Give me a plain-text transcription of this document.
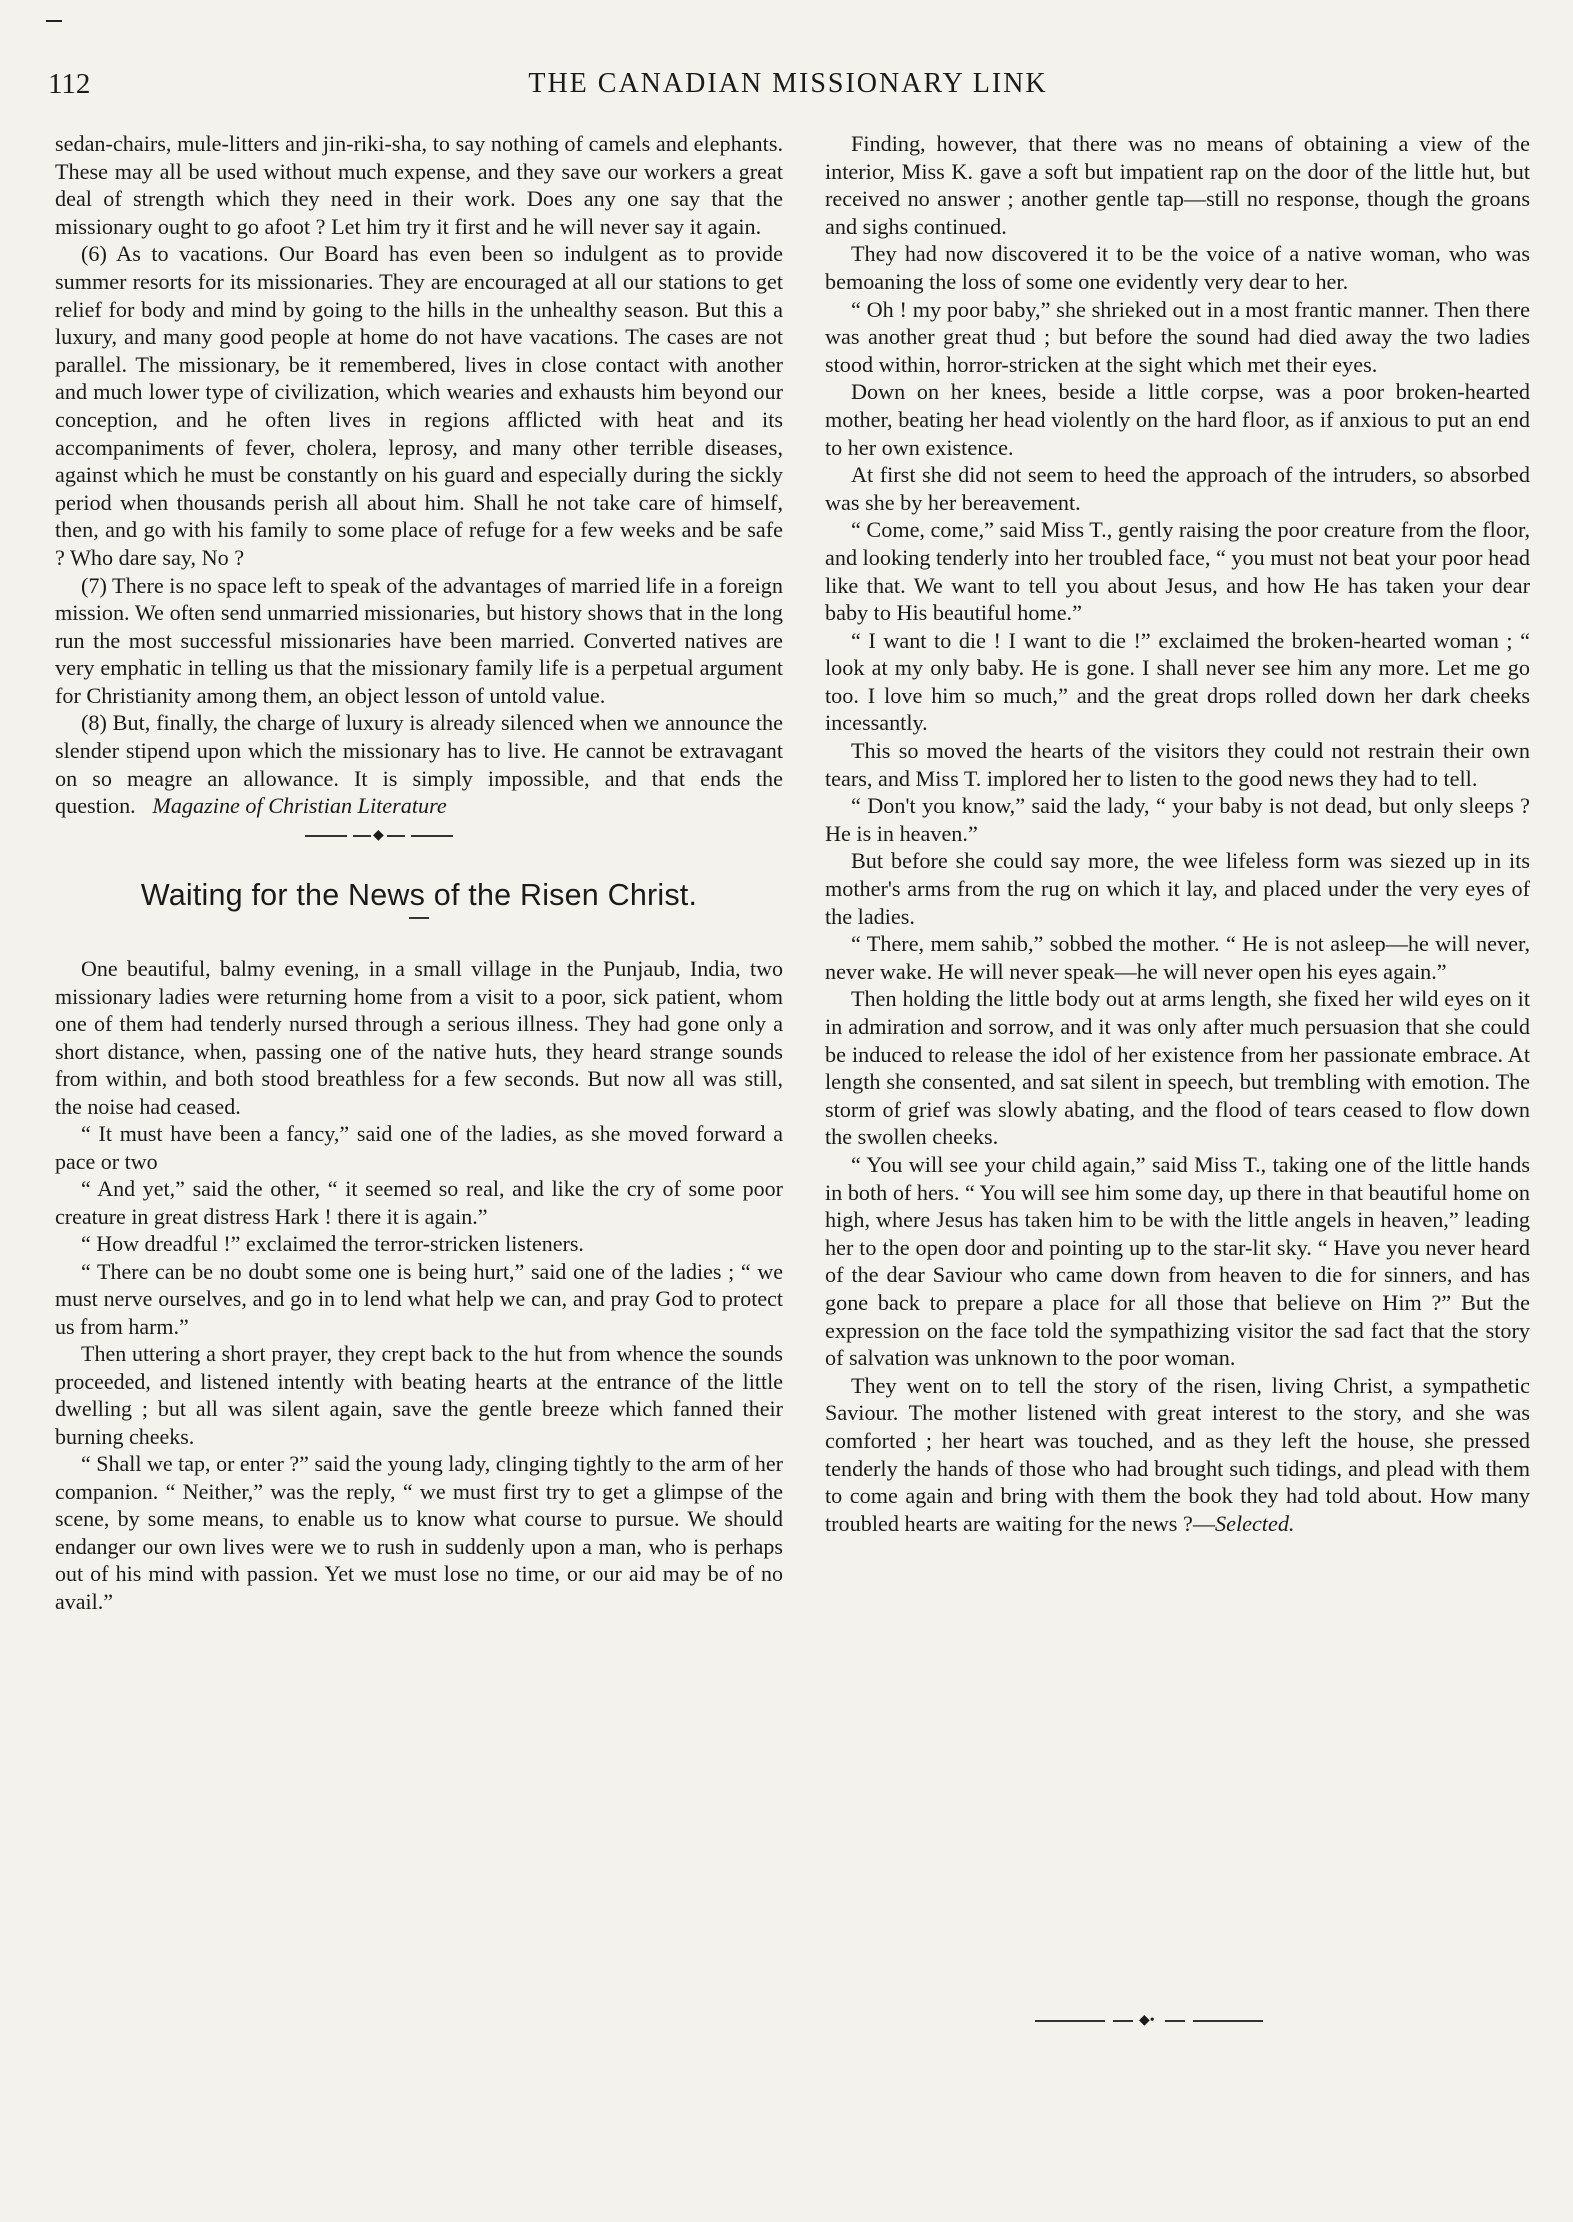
112	THE CANADIAN MISSIONARY LINK

sedan-chairs, mule-litters and jin-riki-sha, to say nothing of camels and elephants. These may all be used without much expense, and they save our workers a great deal of strength which they need in their work. Does any one say that the missionary ought to go afoot ? Let him try it first and he will never say it again.

(6) As to vacations. Our Board has even been so indulgent as to provide summer resorts for its missionaries. They are encouraged at all our stations to get relief for body and mind by going to the hills in the unhealthy season. But this a luxury, and many good people at home do not have vacations. The cases are not parallel. The missionary, be it remembered, lives in close contact with another and much lower type of civilization, which wearies and exhausts him beyond our conception, and he often lives in regions afflicted with heat and its accompaniments of fever, cholera, leprosy, and many other terrible diseases, against which he must be constantly on his guard and especially during the sickly period when thousands perish all about him. Shall he not take care of himself, then, and go with his family to some place of refuge for a few weeks and be safe ? Who dare say, No ?

(7) There is no space left to speak of the advantages of married life in a foreign mission. We often send unmarried missionaries, but history shows that in the long run the most successful missionaries have been married. Converted natives are very emphatic in telling us that the missionary family life is a perpetual argument for Christianity among them, an object lesson of untold value.

(8) But, finally, the charge of luxury is already silenced when we announce the slender stipend upon which the missionary has to live. He cannot be extravagant on so meagre an allowance. It is simply impossible, and that ends the question. Magazine of Christian Literature

◆
Waiting for the News of the Risen Christ.

One beautiful, balmy evening, in a small village in the Punjaub, India, two missionary ladies were returning home from a visit to a poor, sick patient, whom one of them had tenderly nursed through a serious illness. They had gone only a short distance, when, passing one of the native huts, they heard strange sounds from within, and both stood breathless for a few seconds. But now all was still, the noise had ceased.

“ It must have been a fancy,” said one of the ladies, as she moved forward a pace or two

“ And yet,” said the other, “ it seemed so real, and like the cry of some poor creature in great distress Hark ! there it is again.”

“ How dreadful !” exclaimed the terror-stricken listeners.

“ There can be no doubt some one is being hurt,” said one of the ladies ; “ we must nerve ourselves, and go in to lend what help we can, and pray God to protect us from harm.”

Then uttering a short prayer, they crept back to the hut from whence the sounds proceeded, and listened intently with beating hearts at the entrance of the little dwelling ; but all was silent again, save the gentle breeze which fanned their burning cheeks.

“ Shall we tap, or enter ?” said the young lady, clinging tightly to the arm of her companion. “ Neither,” was the reply, “ we must first try to get a glimpse of the scene, by some means, to enable us to know what course to pursue. We should endanger our own lives were we to rush in suddenly upon a man, who is perhaps out of his mind with passion. Yet we must lose no time, or our aid may be of no avail.”

Finding, however, that there was no means of obtaining a view of the interior, Miss K. gave a soft but impatient rap on the door of the little hut, but received no answer ; another gentle tap—still no response, though the groans and sighs continued.

They had now discovered it to be the voice of a native woman, who was bemoaning the loss of some one evidently very dear to her.

“ Oh ! my poor baby,” she shrieked out in a most frantic manner. Then there was another great thud ; but before the sound had died away the two ladies stood within, horror-stricken at the sight which met their eyes.

Down on her knees, beside a little corpse, was a poor broken-hearted mother, beating her head violently on the hard floor, as if anxious to put an end to her own existence.

At first she did not seem to heed the approach of the intruders, so absorbed was she by her bereavement.

“ Come, come,” said Miss T., gently raising the poor creature from the floor, and looking tenderly into her troubled face, “ you must not beat your poor head like that. We want to tell you about Jesus, and how He has taken your dear baby to His beautiful home.”

“ I want to die ! I want to die !” exclaimed the broken-hearted woman ; “ look at my only baby. He is gone. I shall never see him any more. Let me go too. I love him so much,” and the great drops rolled down her dark cheeks incessantly.

This so moved the hearts of the visitors they could not restrain their own tears, and Miss T. implored her to listen to the good news they had to tell.

“ Don't you know,” said the lady, “ your baby is not dead, but only sleeps ? He is in heaven.”

But before she could say more, the wee lifeless form was siezed up in its mother's arms from the rug on which it lay, and placed under the very eyes of the ladies.

“ There, mem sahib,” sobbed the mother. “ He is not asleep—he will never, never wake. He will never speak—he will never open his eyes again.”

Then holding the little body out at arms length, she fixed her wild eyes on it in admiration and sorrow, and it was only after much persuasion that she could be induced to release the idol of her existence from her passionate embrace. At length she consented, and sat silent in speech, but trembling with emotion. The storm of grief was slowly abating, and the flood of tears ceased to flow down the swollen cheeks.

“ You will see your child again,” said Miss T., taking one of the little hands in both of hers. “ You will see him some day, up there in that beautiful home on high, where Jesus has taken him to be with the little angels in heaven,” leading her to the open door and pointing up to the star-lit sky. “ Have you never heard of the dear Saviour who came down from heaven to die for sinners, and has gone back to prepare a place for all those that believe on Him ?” But the expression on the face told the sympathizing visitor the sad fact that the story of salvation was unknown to the poor woman.

They went on to tell the story of the risen, living Christ, a sympathetic Saviour. The mother listened with great interest to the story, and she was comforted ; her heart was touched, and as they left the house, she pressed tenderly the hands of those who had brought such tidings, and plead with them to come again and bring with them the book they had told about. How many troubled hearts are waiting for the news ?—Selected.

◆•
